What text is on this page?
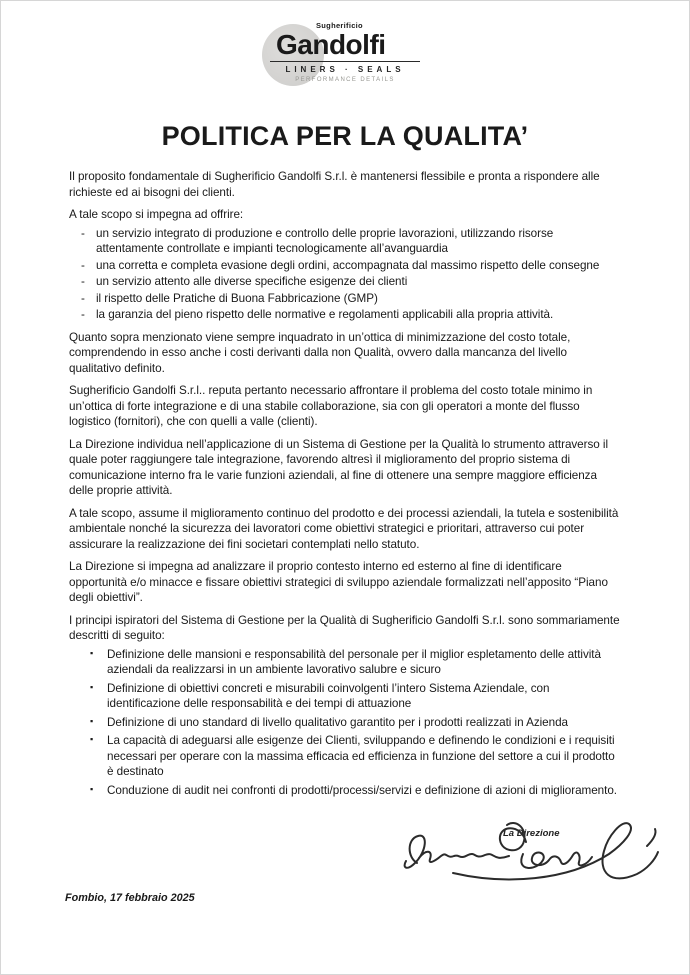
Sugherificio
Gandolfi
LINERS · SEALS
PERFORMANCE DETAILS
POLITICA PER LA QUALITA’

Il proposito fondamentale di Sugherificio Gandolfi S.r.l. è mantenersi flessibile e pronta a rispondere alle richieste ed ai bisogni dei clienti.

A tale scopo si impegna ad offrire:

- un servizio integrato di produzione e controllo delle proprie lavorazioni, utilizzando risorse attentamente controllate e impianti tecnologicamente all’avanguardia
- una corretta e completa evasione degli ordini, accompagnata dal massimo rispetto delle consegne
- un servizio attento alle diverse specifiche esigenze dei clienti
- il rispetto delle Pratiche di Buona Fabbricazione (GMP)
- la garanzia del pieno rispetto delle normative e regolamenti applicabili alla propria attività.

Quanto sopra menzionato viene sempre inquadrato in un’ottica di minimizzazione del costo totale, comprendendo in esso anche i costi derivanti dalla non Qualità, ovvero dalla mancanza del livello qualitativo definito.

Sugherificio Gandolfi S.r.l.. reputa pertanto necessario affrontare il problema del costo totale minimo in un’ottica di forte integrazione e di una stabile collaborazione, sia con gli operatori a monte del flusso logistico (fornitori), che con quelli a valle (clienti).

La Direzione individua nell’applicazione di un Sistema di Gestione per la Qualità lo strumento attraverso il quale poter raggiungere tale integrazione, favorendo altresì il miglioramento del proprio sistema di comunicazione interno fra le varie funzioni aziendali, al fine di ottenere una sempre maggiore efficienza delle proprie attività.

A tale scopo, assume il miglioramento continuo del prodotto e dei processi aziendali, la tutela e sostenibilità ambientale nonché la sicurezza dei lavoratori come obiettivi strategici e prioritari, attraverso cui poter assicurare la realizzazione dei fini societari contemplati nello statuto.

La Direzione si impegna ad analizzare il proprio contesto interno ed esterno al fine di identificare opportunità e/o minacce e fissare obiettivi strategici di sviluppo aziendale formalizzati nell’apposito “Piano degli obiettivi”.

I principi ispiratori del Sistema di Gestione per la Qualità di Sugherificio Gandolfi S.r.l. sono sommariamente descritti di seguito:

▪ Definizione delle mansioni e responsabilità del personale per il miglior espletamento delle attività aziendali da realizzarsi in un ambiente lavorativo salubre e sicuro
▪ Definizione di obiettivi concreti e misurabili coinvolgenti l’intero Sistema Aziendale, con identificazione delle responsabilità e dei tempi di attuazione
▪ Definizione di uno standard di livello qualitativo garantito per i prodotti realizzati in Azienda
▪ La capacità di adeguarsi alle esigenze dei Clienti, sviluppando e definendo le condizioni e i requisiti necessari per operare con la massima efficacia ed efficienza in funzione del settore a cui il prodotto è destinato
▪ Conduzione di audit nei confronti di prodotti/processi/servizi e definizione di azioni di miglioramento.
La Direzione
Fombio, 17 febbraio 2025
